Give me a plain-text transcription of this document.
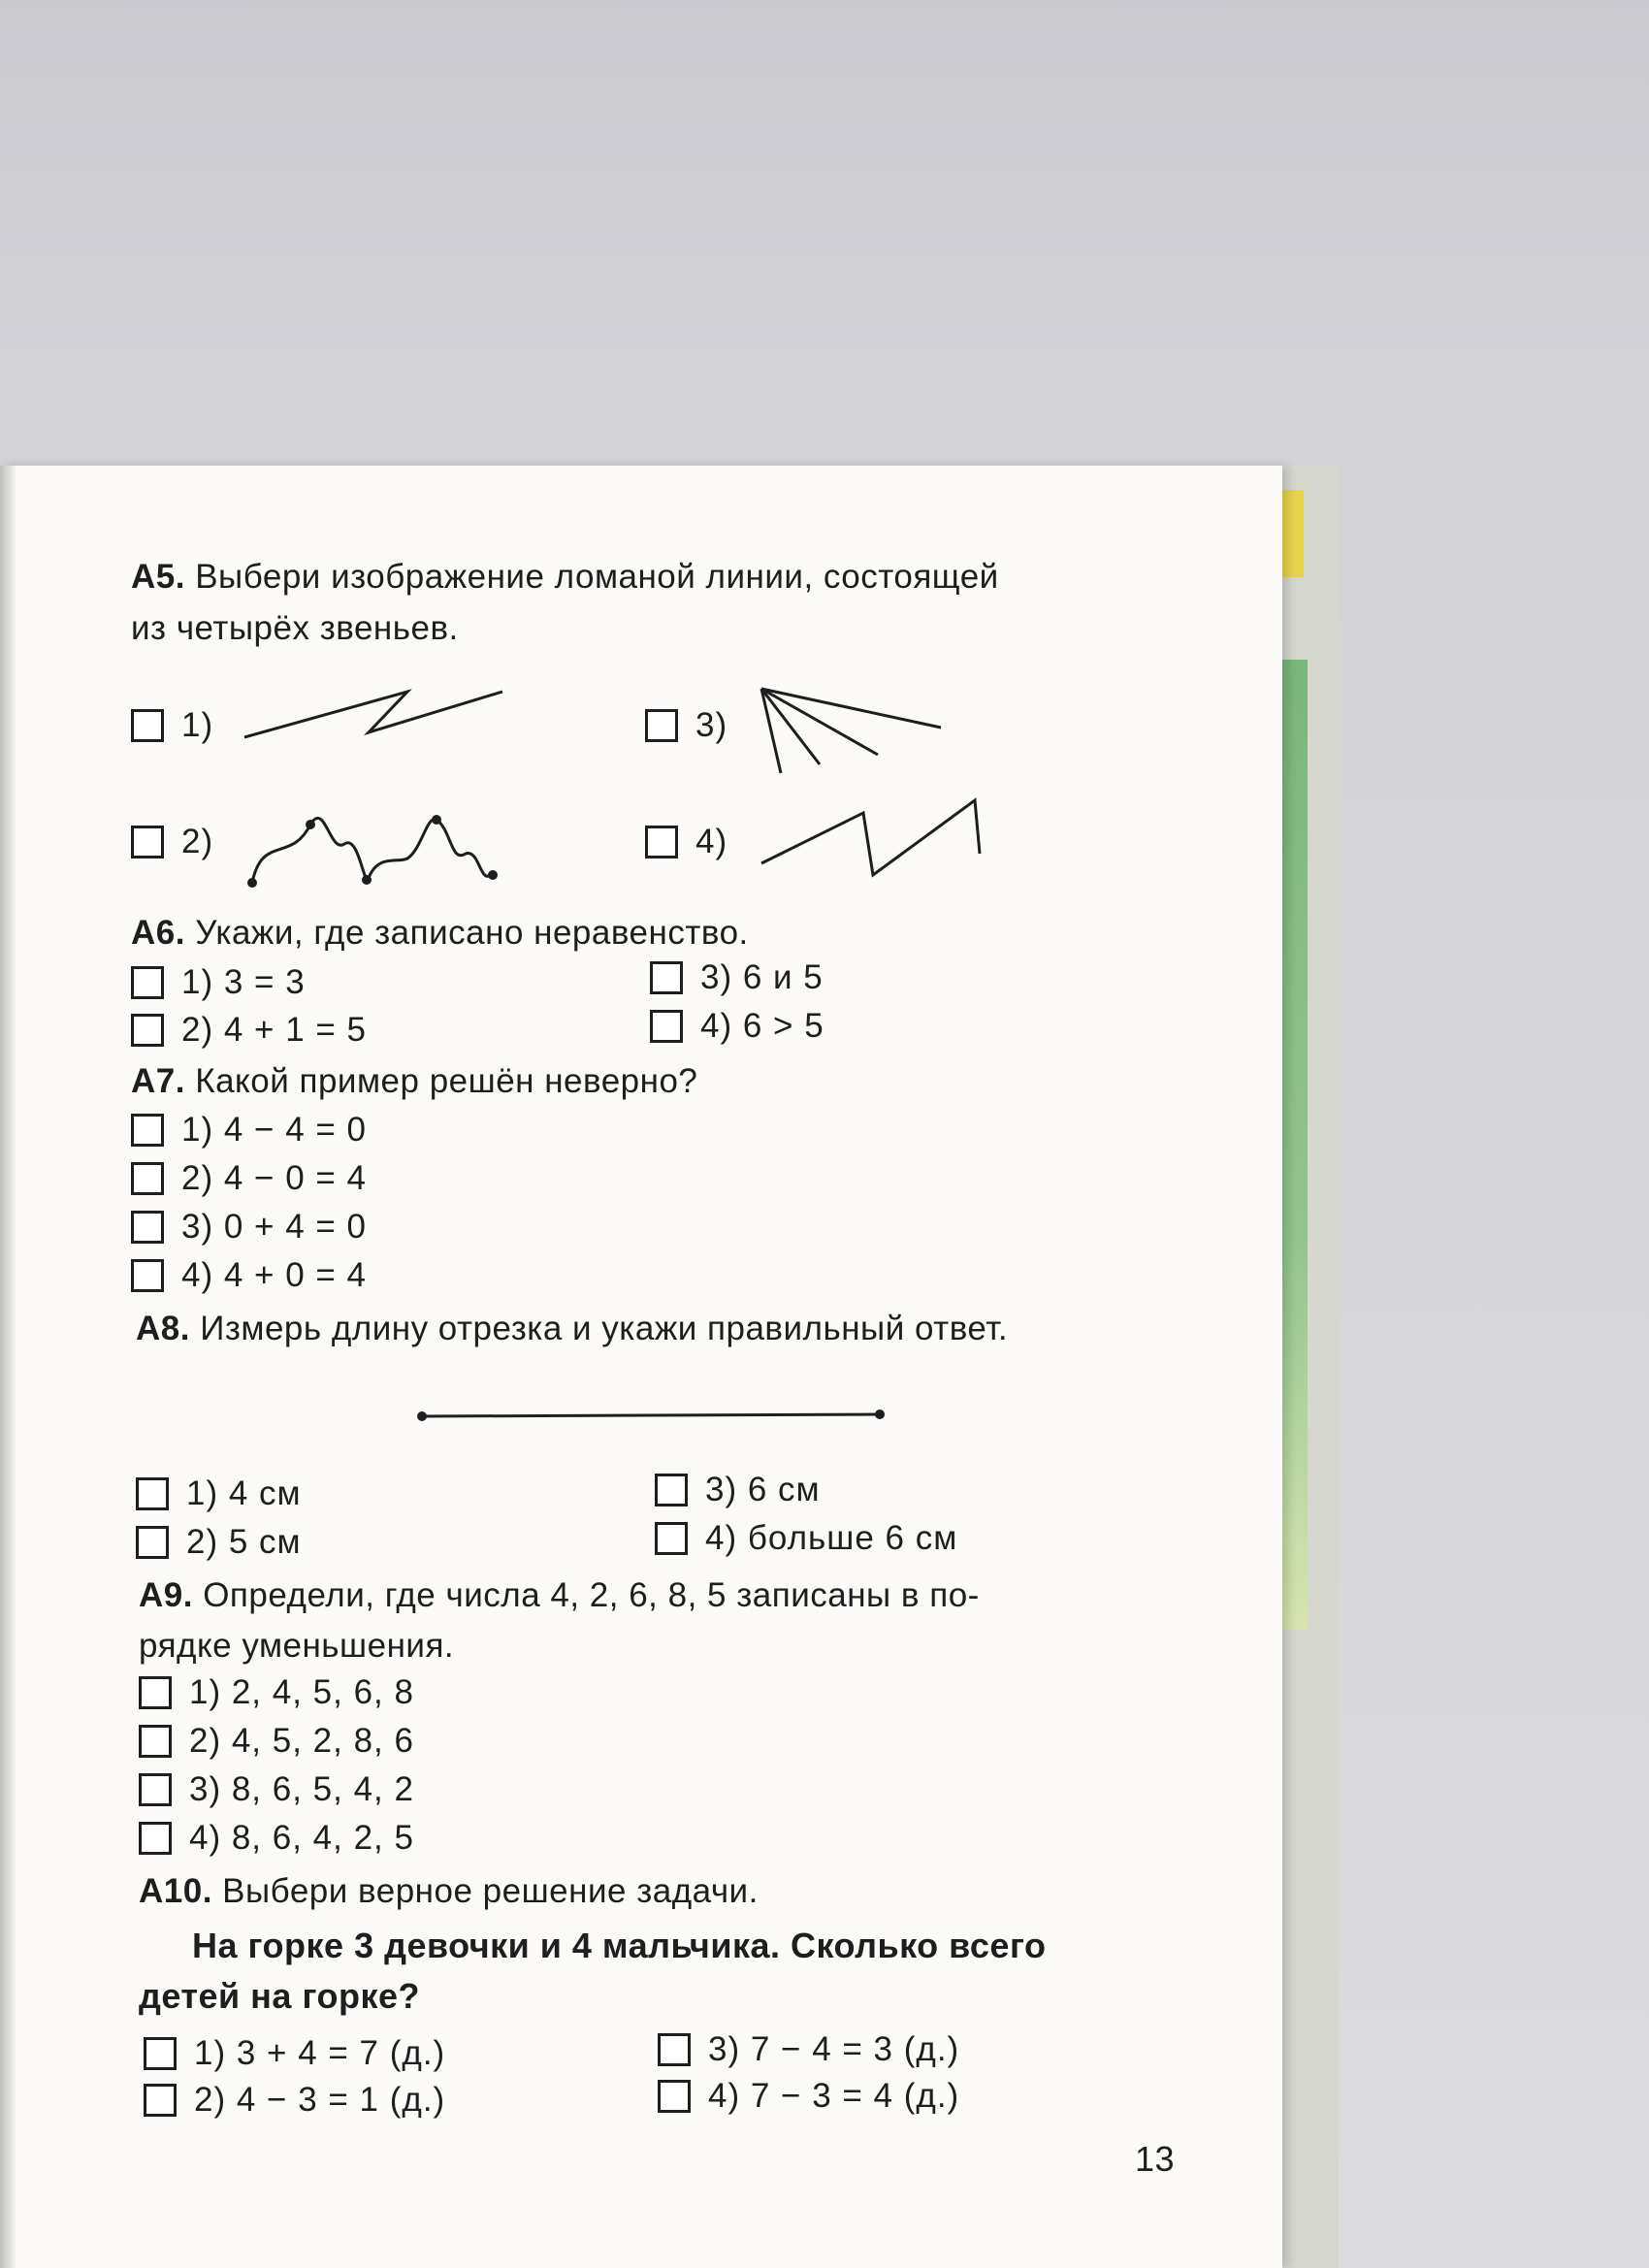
А5. Выбери изображение ломаной линии, состоящей
из четырёх звеньев.
1)
2)
3)
4)
А6. Укажи, где записано неравенство.
1) 3 = 3
2) 4 + 1 = 5
3) 6 и 5
4) 6 > 5
А7. Какой пример решён неверно?
1) 4 − 4 = 0
2) 4 − 0 = 4
3) 0 + 4 = 0
4) 4 + 0 = 4
А8. Измерь длину отрезка и укажи правильный ответ.
1) 4 см
2) 5 см
3) 6 см
4) больше 6 см
А9. Определи, где числа 4, 2, 6, 8, 5 записаны в по-
рядке уменьшения.
1) 2, 4, 5, 6, 8
2) 4, 5, 2, 8, 6
3) 8, 6, 5, 4, 2
4) 8, 6, 4, 2, 5
А10. Выбери верное решение задачи.
На горке 3 девочки и 4 мальчика. Сколько всего
детей на горке?
1) 3 + 4 = 7 (д.)
2) 4 − 3 = 1 (д.)
3) 7 − 4 = 3 (д.)
4) 7 − 3 = 4 (д.)
13
